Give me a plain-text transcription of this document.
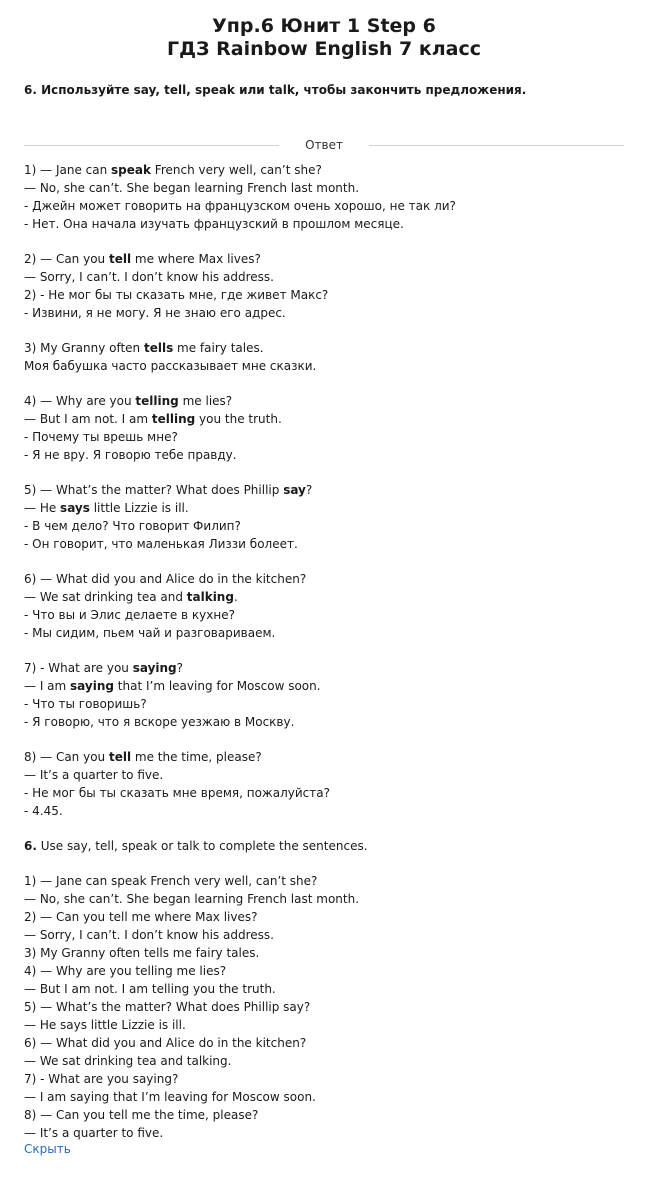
Упр.6 Юнит 1 Step 6
ГДЗ Rainbow English 7 класс
6. Используйте say, tell, speak или talk, чтобы закончить предложения.
Ответ
1) — Jane can speak French very well, can’t she?
— No, she can’t. She began learning French last month.
- Джейн может говорить на французском очень хорошо, не так ли?
- Нет. Она начала изучать французский в прошлом месяце.
2) — Can you tell me where Max lives?
— Sorry, I can’t. I don’t know his address.
2) - Не мог бы ты сказать мне, где живет Макс?
- Извини, я не могу. Я не знаю его адрес.
3) My Granny often tells me fairy tales.
Моя бабушка часто рассказывает мне сказки.
4) — Why are you telling me lies?
— But I am not. I am telling you the truth.
- Почему ты врешь мне?
- Я не вру. Я говорю тебе правду.
5) — What’s the matter? What does Phillip say?
— He says little Lizzie is ill.
- В чем дело? Что говорит Филип?
- Он говорит, что маленькая Лиззи болеет.
6) — What did you and Alice do in the kitchen?
— We sat drinking tea and talking.
- Что вы и Элис делаете в кухне?
- Мы сидим, пьем чай и разговариваем.
7) - What are you saying?
— I am saying that I’m leaving for Moscow soon.
- Что ты говоришь?
- Я говорю, что я вскоре уезжаю в Москву.
8) — Can you tell me the time, please?
— It’s a quarter to five.
- Не мог бы ты сказать мне время, пожалуйста?
- 4.45.
6. Use say, tell, speak or talk to complete the sentences.
1) — Jane can speak French very well, can’t she?
— No, she can’t. She began learning French last month.
2) — Can you tell me where Max lives?
— Sorry, I can’t. I don’t know his address.
3) My Granny often tells me fairy tales.
4) — Why are you telling me lies?
— But I am not. I am telling you the truth.
5) — What’s the matter? What does Phillip say?
— He says little Lizzie is ill.
6) — What did you and Alice do in the kitchen?
— We sat drinking tea and talking.
7) - What are you saying?
— I am saying that I’m leaving for Moscow soon.
8) — Can you tell me the time, please?
— It’s a quarter to five.
Скрыть
